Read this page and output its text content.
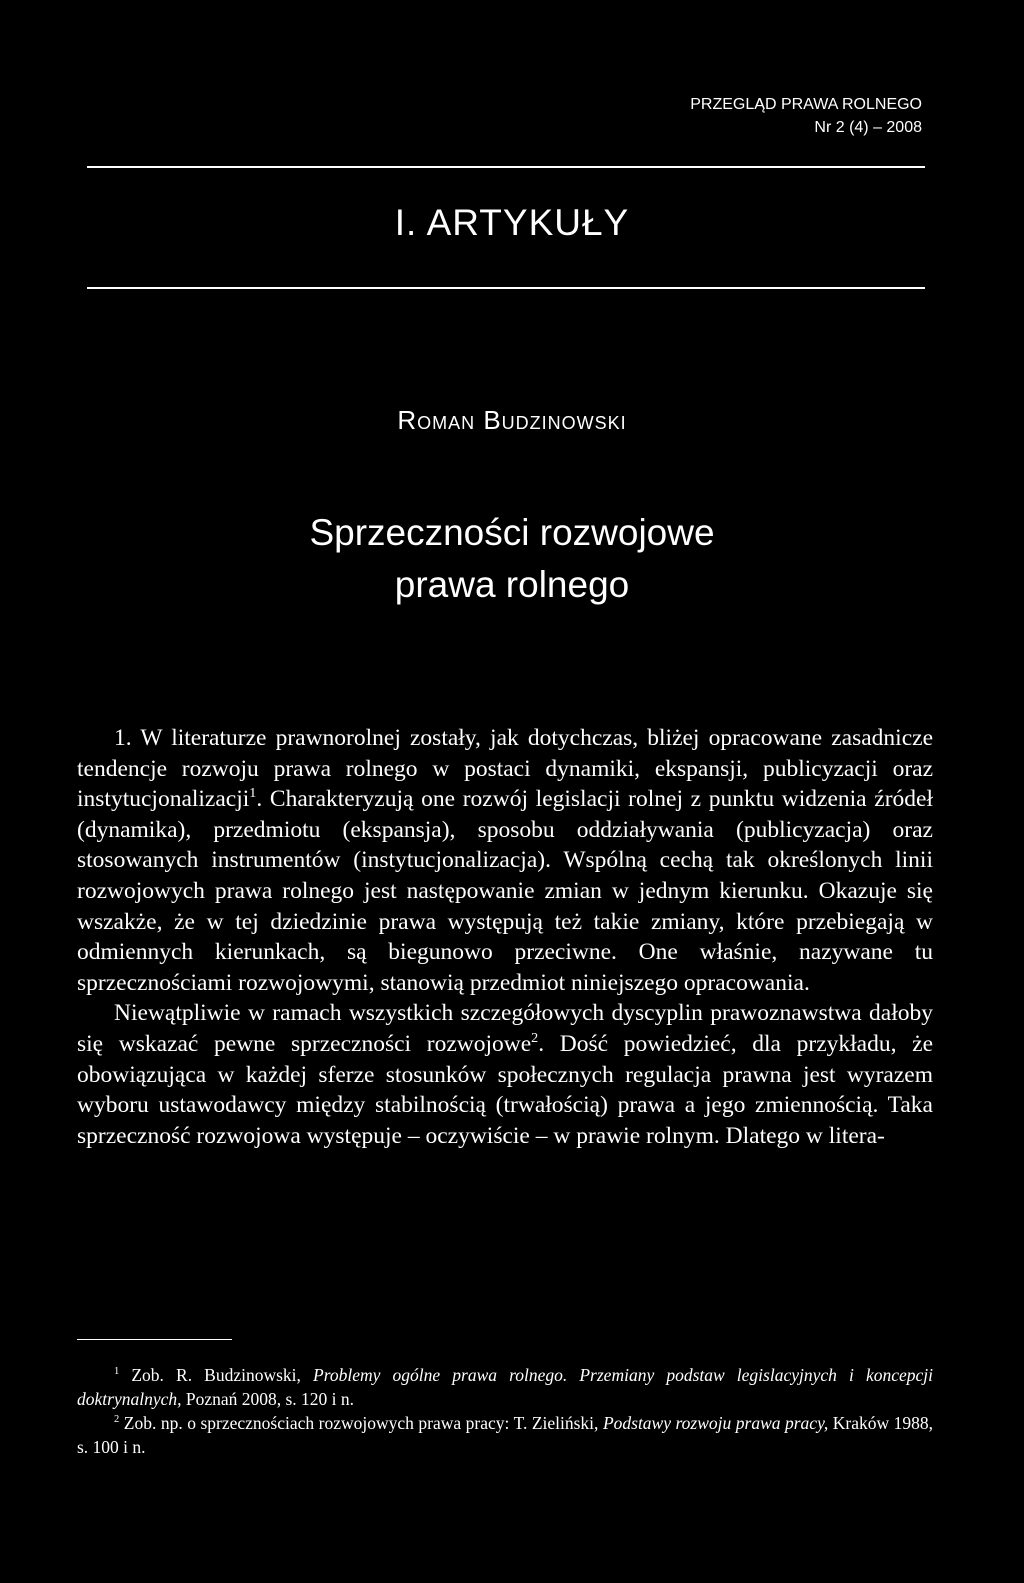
PRZEGLĄD PRAWA ROLNEGO
Nr 2 (4) – 2008
I. ARTYKUŁY
Roman Budzinowski
Sprzeczności rozwojowe
prawa rolnego

1. W literaturze prawnorolnej zostały, jak dotychczas, bliżej opracowane zasadnicze tendencje rozwoju prawa rolnego w postaci dynamiki, ekspansji, publicyzacji oraz instytucjonalizacji$^1$. Charakteryzują one rozwój legislacji rolnej z punktu widzenia źródeł (dynamika), przedmiotu (ekspansja), sposobu oddziaływania (publicyzacja) oraz stosowanych instrumentów (instytucjonalizacja). Wspólną cechą tak określonych linii rozwojowych prawa rolnego jest następowanie zmian w jednym kierunku. Okazuje się wszakże, że w tej dziedzinie prawa występują też takie zmiany, które przebiegają w odmiennych kierunkach, są biegunowo przeciwne. One właśnie, nazywane tu sprzecznościami rozwojowymi, stanowią przedmiot niniejszego opracowania.

Niewątpliwie w ramach wszystkich szczegółowych dyscyplin prawoznawstwa dałoby się wskazać pewne sprzeczności rozwojowe$^2$. Dość powiedzieć, dla przykładu, że obowiązująca w każdej sferze stosunków społecznych regulacja prawna jest wyrazem wyboru ustawodawcy między stabilnością (trwałością) prawa a jego zmiennością. Taka sprzeczność rozwojowa występuje – oczywiście – w prawie rolnym. Dlatego w litera-

$^1$ Zob. R. Budzinowski, Problemy ogólne prawa rolnego. Przemiany podstaw legislacyjnych i koncepcji doktrynalnych, Poznań 2008, s. 120 i n.

$^2$ Zob. np. o sprzecznościach rozwojowych prawa pracy: T. Zieliński, Podstawy rozwoju prawa pracy, Kraków 1988, s. 100 i n.
